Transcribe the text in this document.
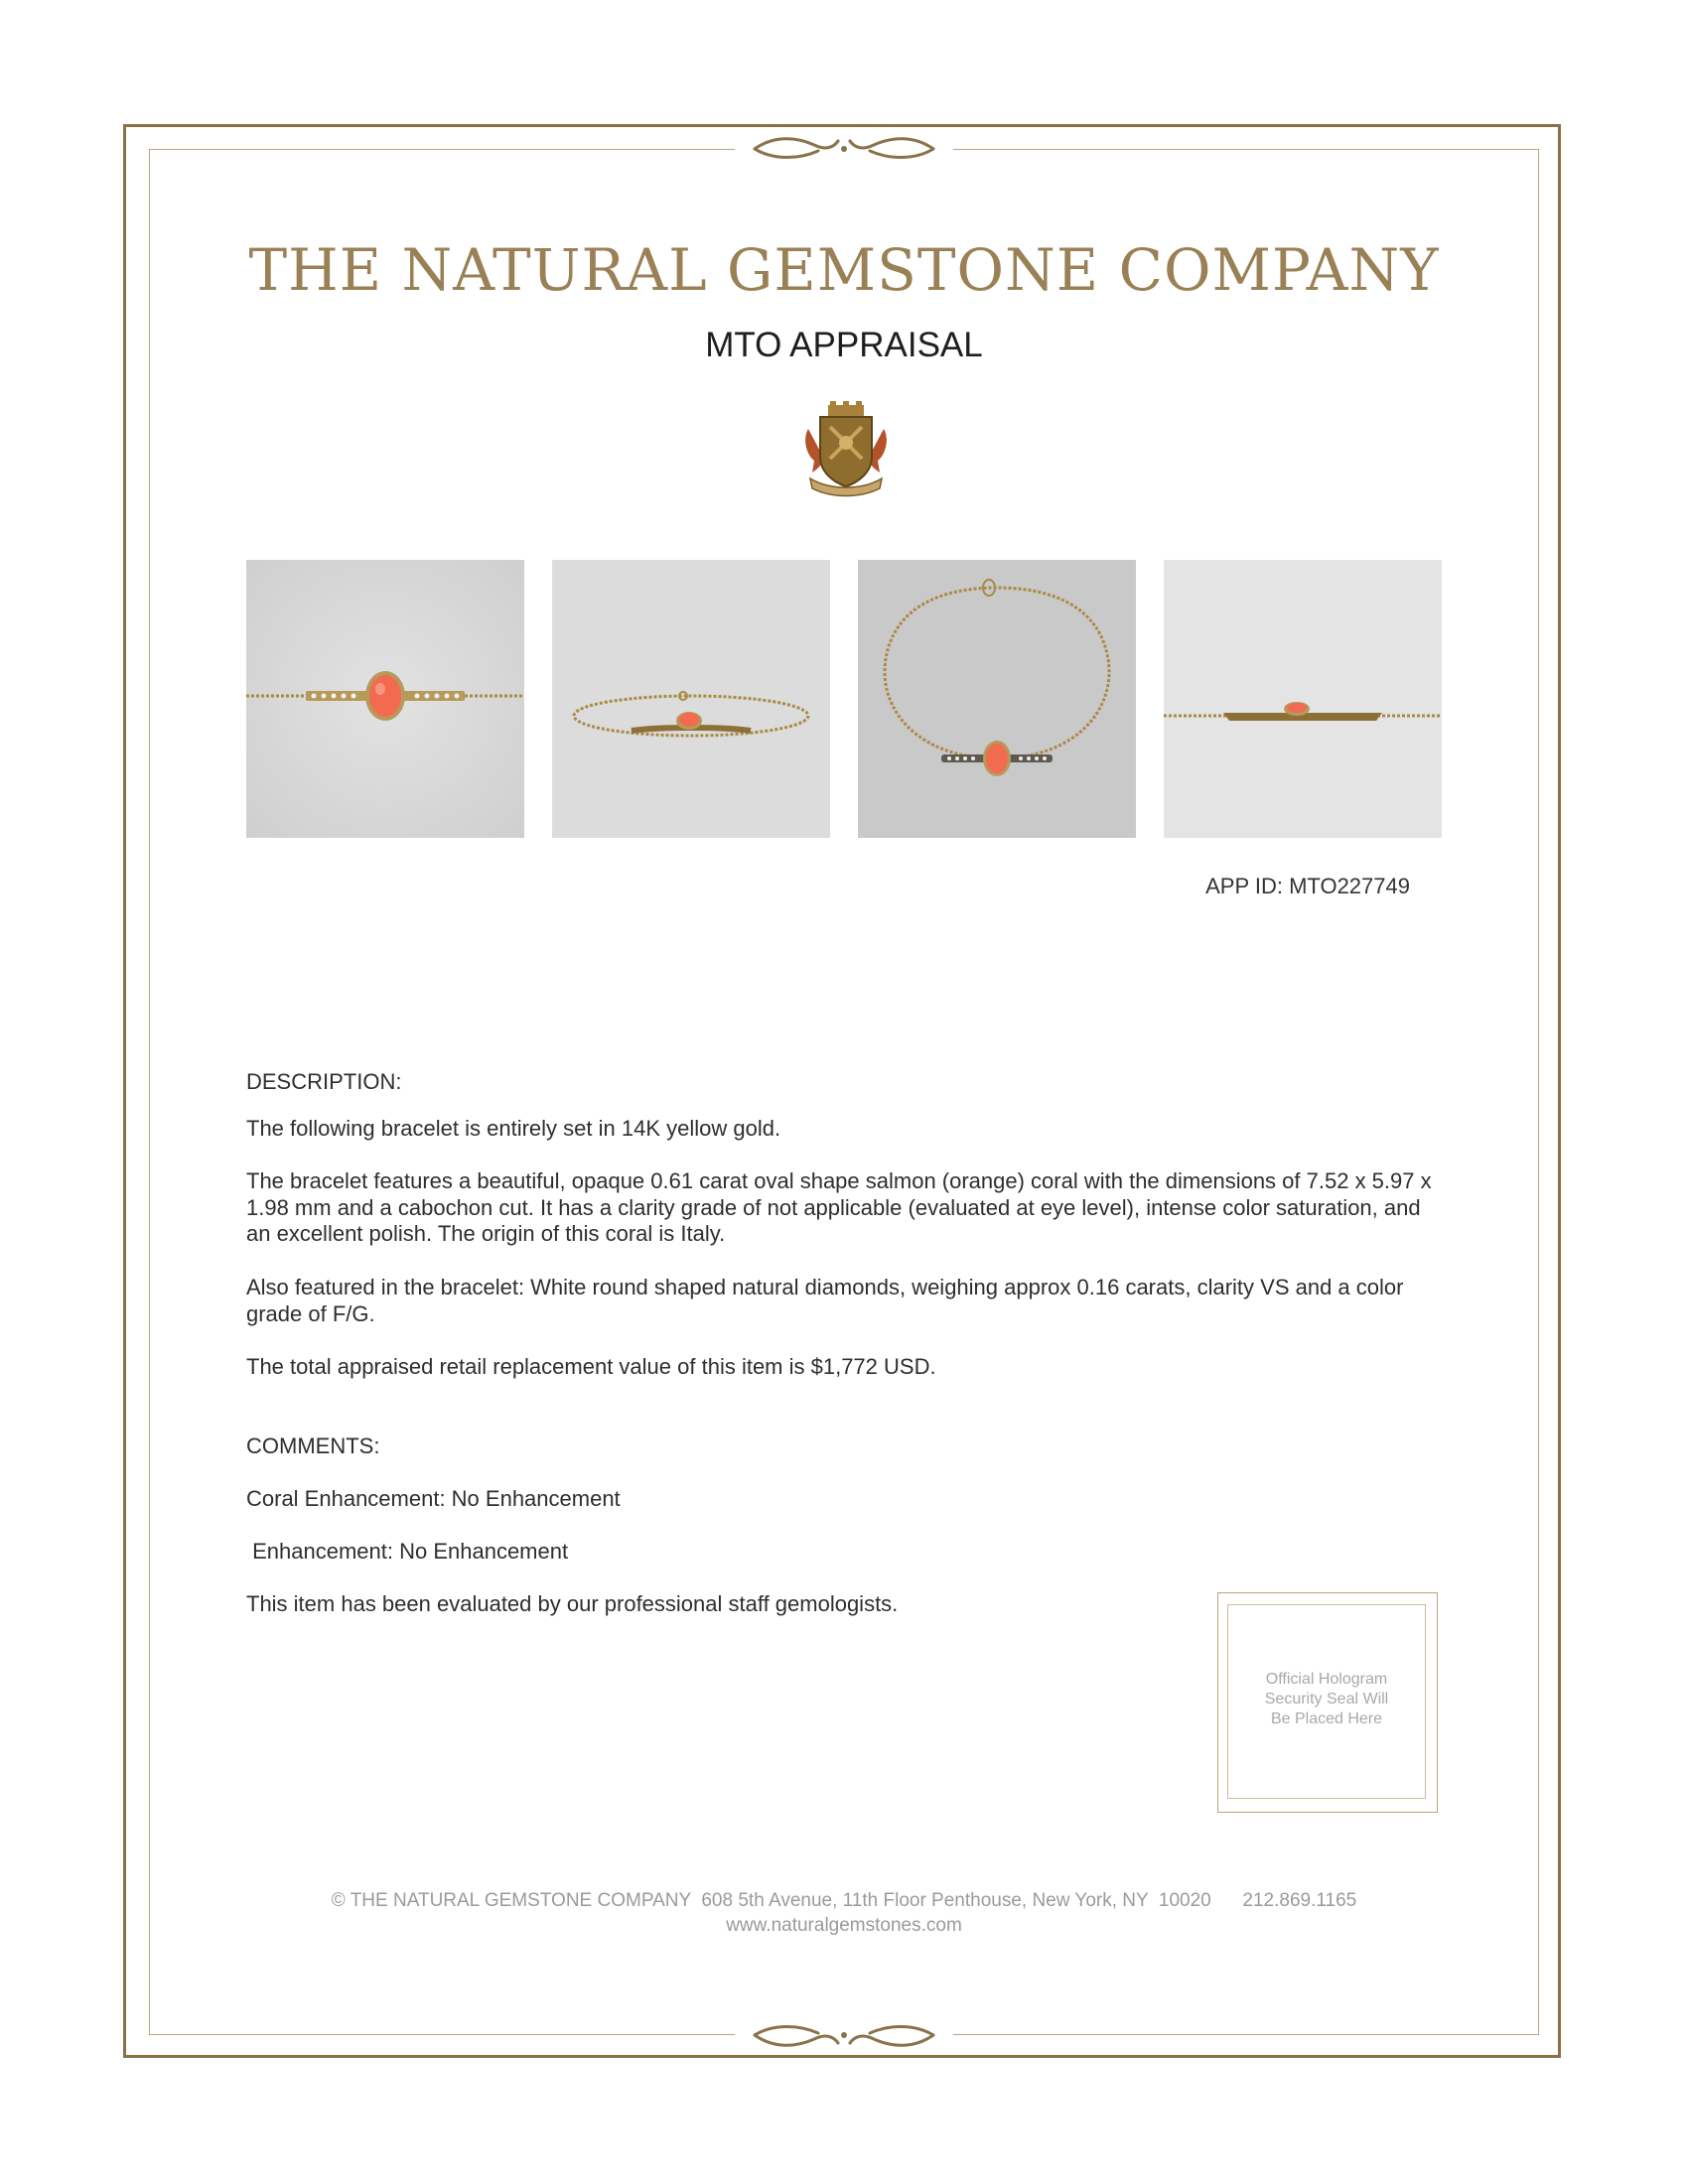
THE NATURAL GEMSTONE COMPANY
MTO APPRAISAL
APP ID: MTO227749
DESCRIPTION:
The following bracelet is entirely set in 14K yellow gold.
The bracelet features a beautiful, opaque 0.61 carat oval shape salmon (orange) coral with the dimensions of 7.52 x 5.97 x 1.98 mm and a cabochon cut. It has a clarity grade of not applicable (evaluated at eye level), intense color saturation, and an excellent polish. The origin of this coral is Italy.
Also featured in the bracelet: White round shaped natural diamonds, weighing approx 0.16 carats, clarity VS and a color grade of F/G.
The total appraised retail replacement value of this item is $1,772 USD.
COMMENTS:
Coral Enhancement: No Enhancement
Enhancement: No Enhancement
This item has been evaluated by our professional staff gemologists.
Official Hologram
Security Seal Will
Be Placed Here
© THE NATURAL GEMSTONE COMPANY  608 5th Avenue, 11th Floor Penthouse, New York, NY  10020      212.869.1165
www.naturalgemstones.com
